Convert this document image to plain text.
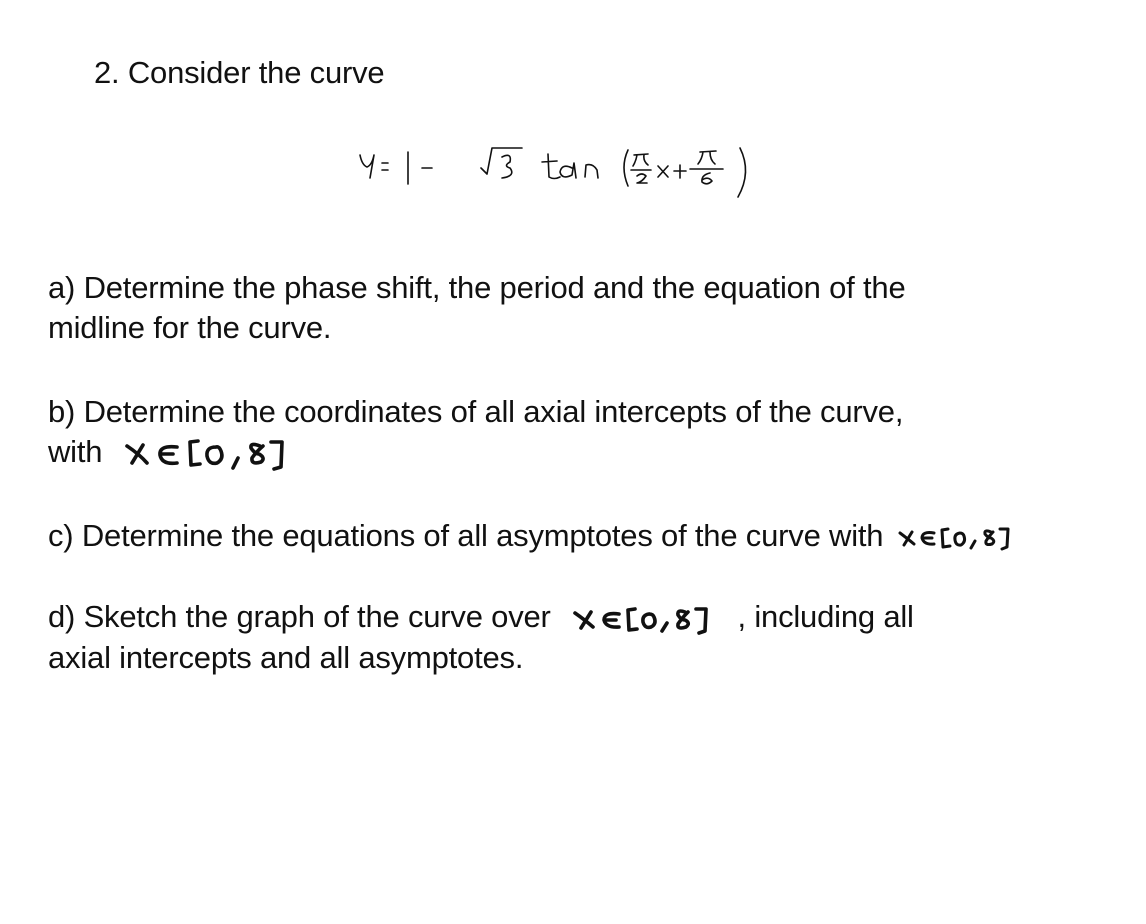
2. Consider the curve
a) Determine the phase shift, the period and the equation of the
midline for the curve.
b) Determine the coordinates of all axial intercepts of the curve,
with
c) Determine the equations of all asymptotes of the curve with
d) Sketch the graph of the curve over	, including all
axial intercepts and all asymptotes.
